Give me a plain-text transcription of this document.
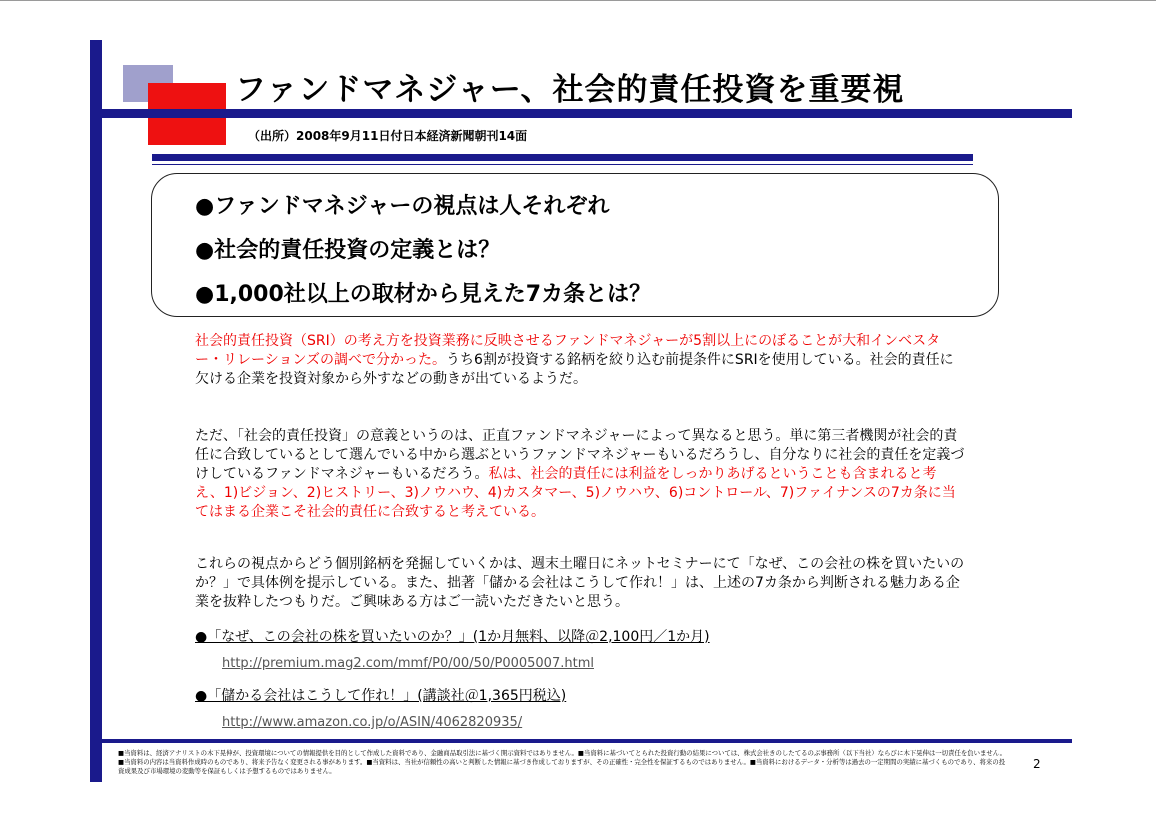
ファンドマネジャー、社会的責任投資を重要視
（出所）2008年9月11日付日本経済新聞朝刊14面
●ファンドマネジャーの視点は人それぞれ
●社会的責任投資の定義とは？
●1,000社以上の取材から見えた7カ条とは？
社会的責任投資（SRI）の考え方を投資業務に反映させるファンドマネジャーが5割以上にのぼることが大和インベスター・リレーションズの調べで分かった。うち6割が投資する銘柄を絞り込む前提条件にSRIを使用している。社会的責任に欠ける企業を投資対象から外すなどの動きが出ているようだ。
ただ、「社会的責任投資」の意義というのは、正直ファンドマネジャーによって異なると思う。単に第三者機関が社会的責任に合致しているとして選んでいる中から選ぶというファンドマネジャーもいるだろうし、自分なりに社会的責任を定義づけしているファンドマネジャーもいるだろう。私は、社会的責任には利益をしっかりあげるということも含まれると考え、1)ビジョン、2)ヒストリー、3)ノウハウ、4)カスタマー、5)ノウハウ、6)コントロール、7)ファイナンスの7カ条に当てはまる企業こそ社会的責任に合致すると考えている。
これらの視点からどう個別銘柄を発掘していくかは、週末土曜日にネットセミナーにて「なぜ、この会社の株を買いたいのか？」で具体例を提示している。また、拙著「儲かる会社はこうして作れ！」は、上述の7カ条から判断される魅力ある企業を抜粋したつもりだ。ご興味ある方はご一読いただきたいと思う。
●「なぜ、この会社の株を買いたいのか？」(1か月無料、以降＠2,100円／1か月)
http://premium.mag2.com/mmf/P0/00/50/P0005007.html
●「儲かる会社はこうして作れ！」(講談社＠1,365円税込)
http://www.amazon.co.jp/o/ASIN/4062820935/
■当資料は、経済アナリストの木下晃伸が、投資環境についての情報提供を目的として作成した資料であり、金融商品取引法に基づく開示資料ではありません。■当資料に基づいてとられた投資行動の結果については、株式会社きのしたてるのぶ事務所（以下当社）ならびに木下晃伸は一切責任を負いません。■当資料の内容は当資料作成時のものであり、将来予告なく変更される事があります。■当資料は、当社が信頼性の高いと判断した情報に基づき作成しておりますが、その正確性・完全性を保証するものではありません。■当資料におけるデータ・分析等は過去の一定期間の実績に基づくものであり、将来の投資成果及び市場環境の変動等を保証もしくは予想するものではありません。	2
